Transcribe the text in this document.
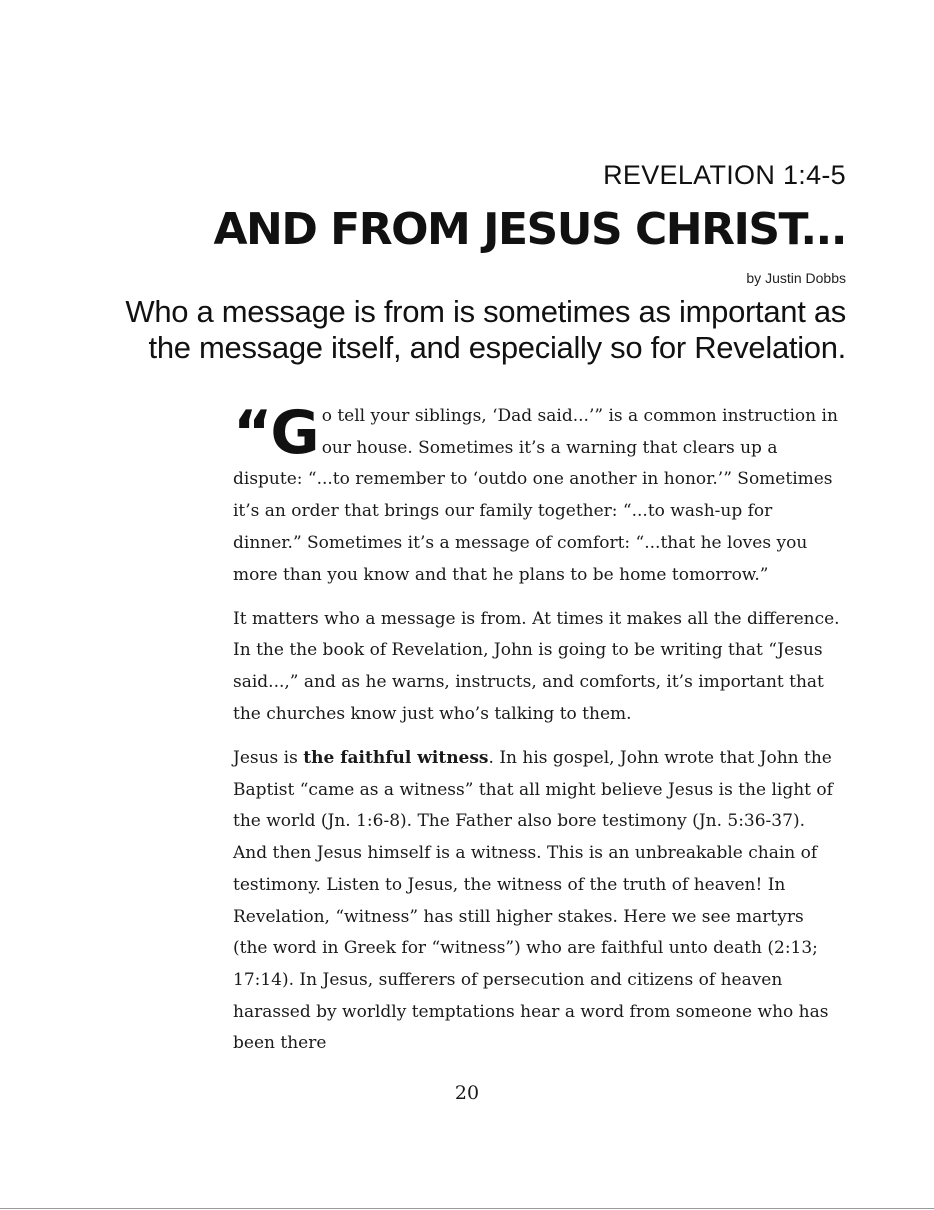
REVELATION 1:4-5
AND FROM JESUS CHRIST...
by Justin Dobbs
Who a message is from is sometimes as important as the message itself, and especially so for Revelation.

“Go tell your siblings, ‘Dad said...’” is a common instruction in our house. Sometimes it’s a warning that clears up a dispute: “...to remember to ‘outdo one another in honor.’” Sometimes it’s an order that brings our family together: “...to wash-up for dinner.” Sometimes it’s a message of comfort: “...that he loves you more than you know and that he plans to be home tomorrow.”

It matters who a message is from. At times it makes all the difference. In the the book of Revelation, John is going to be writing that “Jesus said...,” and as he warns, instructs, and comforts, it’s important that the churches know just who’s talking to them.

Jesus is the faithful witness. In his gospel, John wrote that John the Baptist “came as a witness” that all might believe Jesus is the light of the world (Jn. 1:6-8). The Father also bore testimony (Jn. 5:36-37). And then Jesus himself is a witness. This is an unbreakable chain of testimony. Listen to Jesus, the witness of the truth of heaven! In Revelation, “witness” has still higher stakes. Here we see martyrs (the word in Greek for “witness”) who are faithful unto death (2:13; 17:14). In Jesus, sufferers of persecution and citizens of heaven harassed by worldly temptations hear a word from someone who has been there

20
